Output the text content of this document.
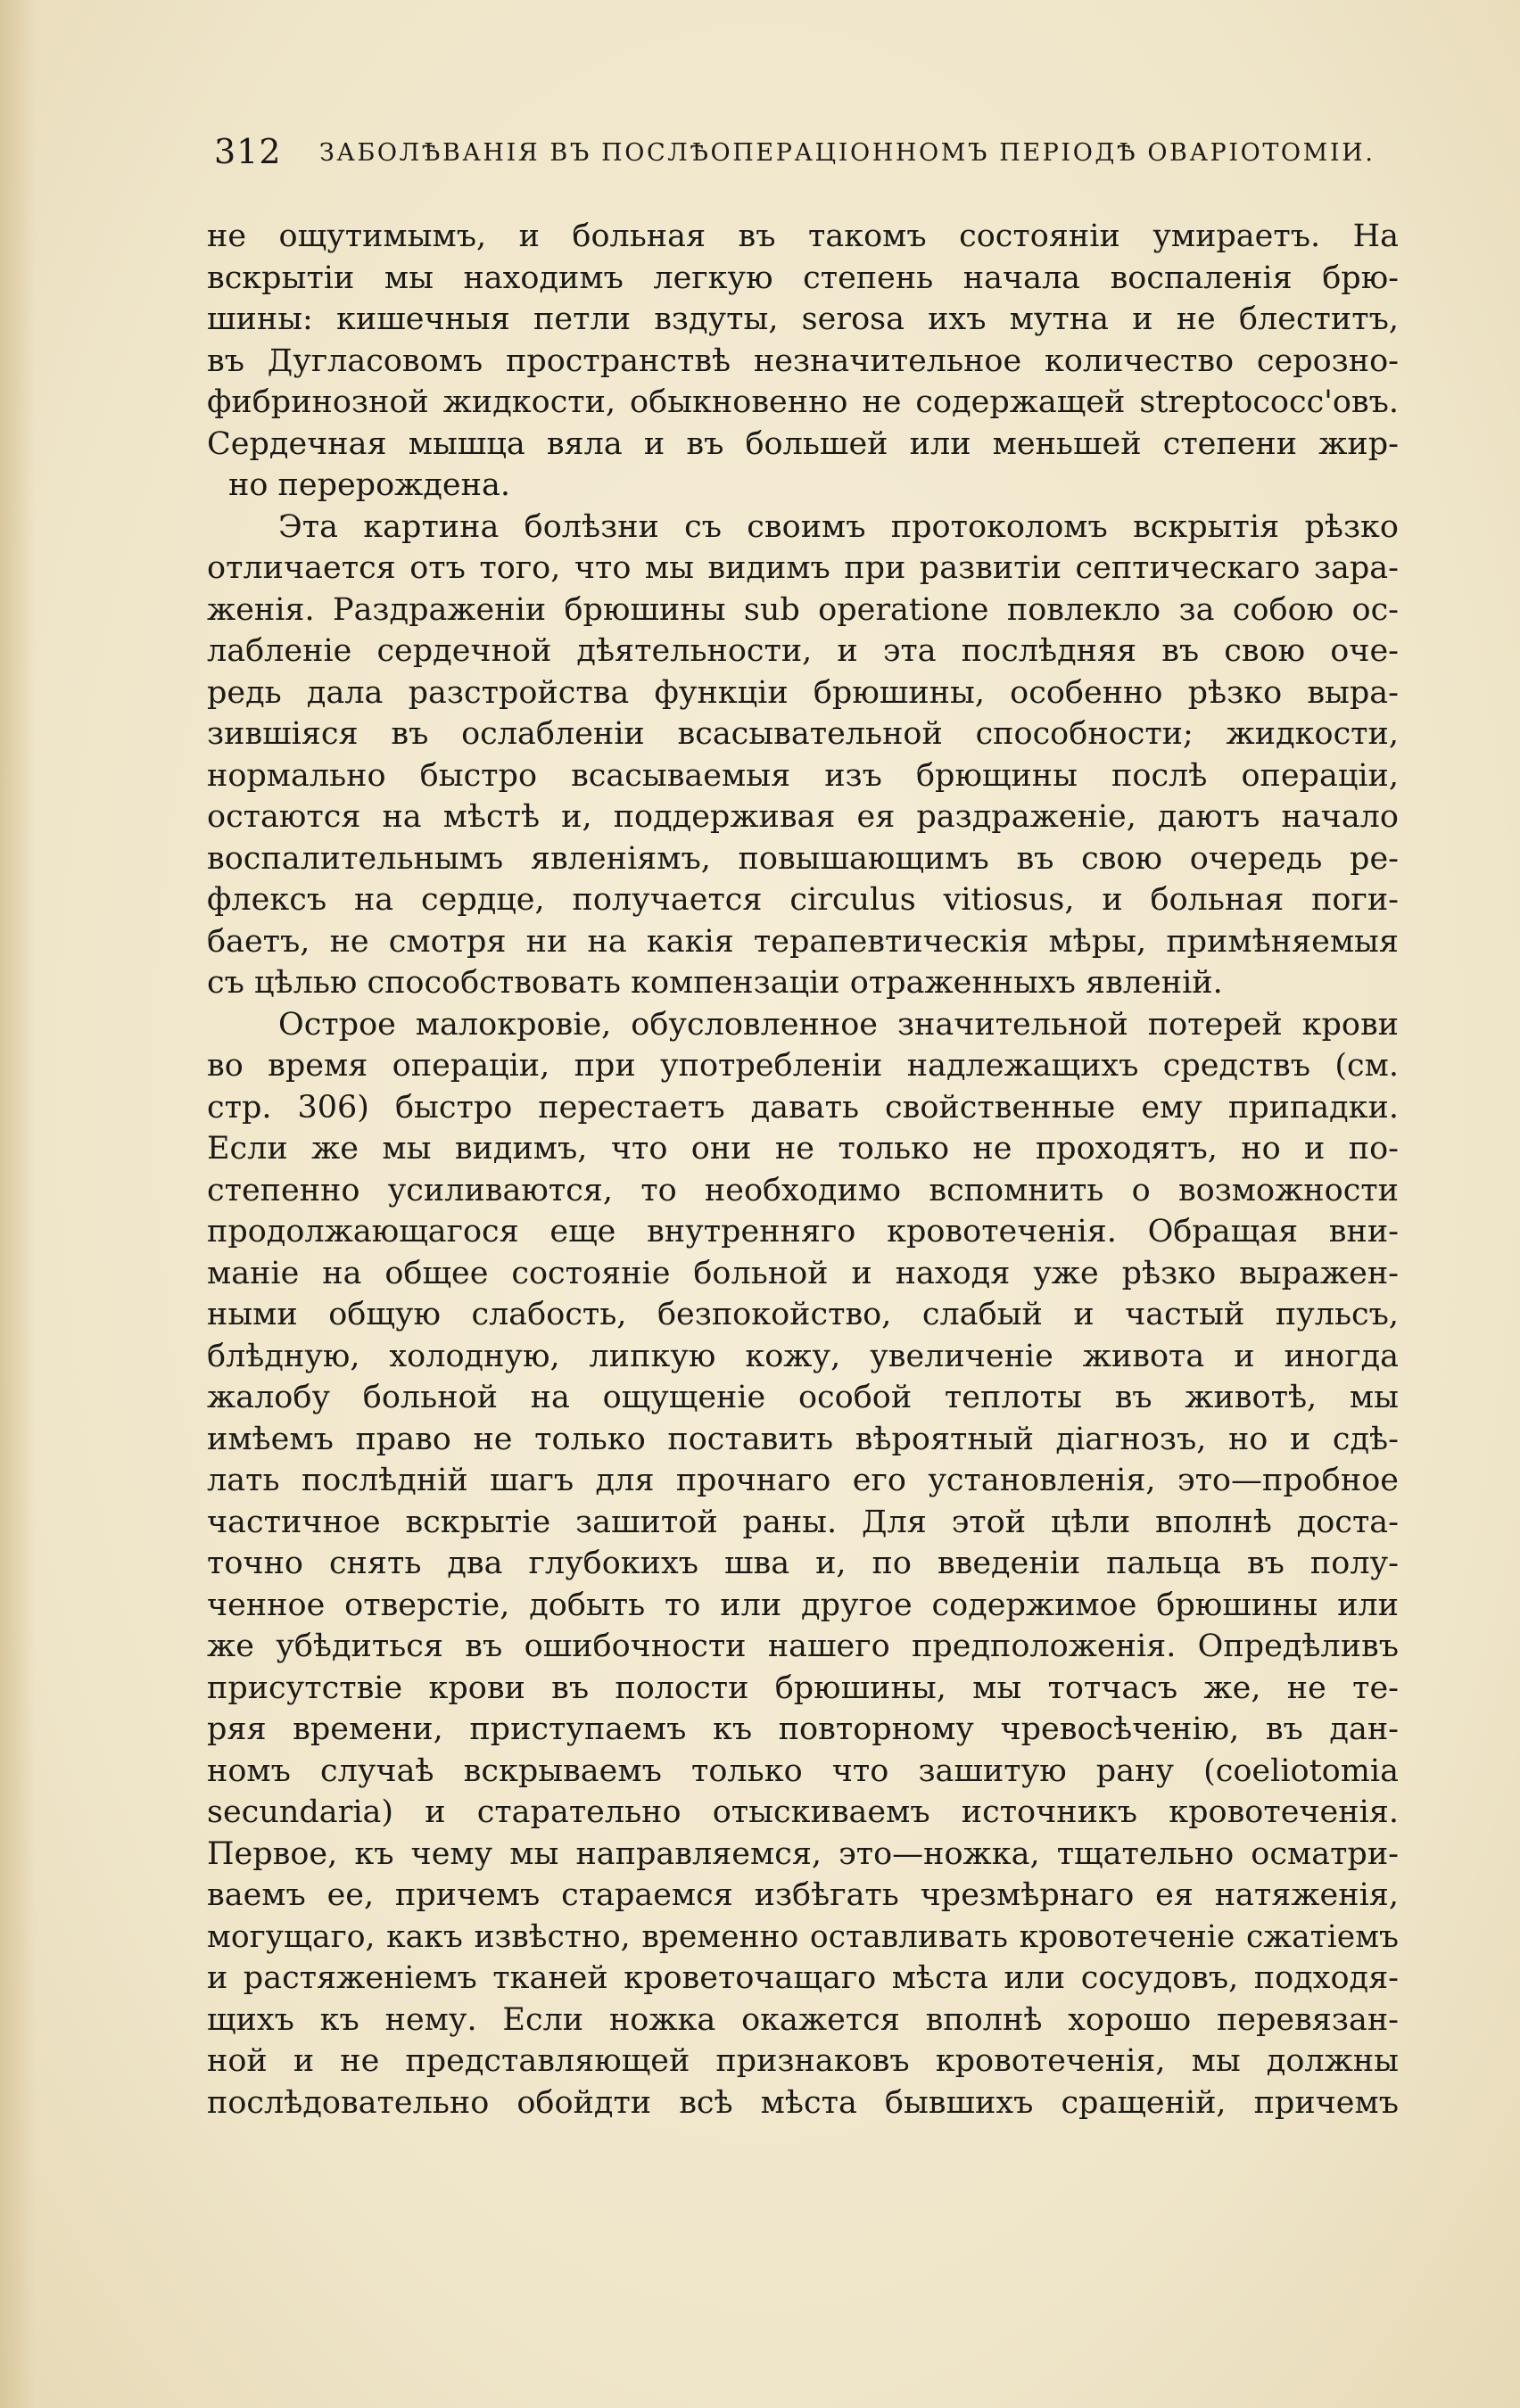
312 ЗАБОЛѢВАНІЯ ВЪ ПОСЛѢОПЕРАЦІОННОМЪ ПЕРІОДѢ ОВАРІОТОМІИ.
не ощутимымъ, и больная въ такомъ состояніи умираетъ. На
вскрытіи мы находимъ легкую степень начала воспаленія брю-
шины: кишечныя петли вздуты, serosa ихъ мутна и не блеститъ,
въ Дугласовомъ пространствѣ незначительное количество серозно-
фибринозной жидкости, обыкновенно не содержащей streptococc'овъ.
Сердечная мышца вяла и въ большей или меньшей степени жир-
но перерождена.
Эта картина болѣзни съ своимъ протоколомъ вскрытія рѣзко
отличается отъ того, что мы видимъ при развитіи септическаго зара-
женія. Раздраженіи брюшины sub operatione повлекло за собою ос-
лабленіе сердечной дѣятельности, и эта послѣдняя въ свою оче-
редь дала разстройства функціи брюшины, особенно рѣзко выра-
зившіяся въ ослабленіи всасывательной способности; жидкости,
нормально быстро всасываемыя изъ брющины послѣ операціи,
остаются на мѣстѣ и, поддерживая ея раздраженіе, даютъ начало
воспалительнымъ явленіямъ, повышающимъ въ свою очередь ре-
флексъ на сердце, получается circulus vitiosus, и больная поги-
баетъ, не смотря ни на какія терапевтическія мѣры, примѣняемыя
съ цѣлью способствовать компензаціи отраженныхъ явленій.
Острое малокровіе, обусловленное значительной потерей крови
во время операціи, при употребленіи надлежащихъ средствъ (см.
стр. 306) быстро перестаетъ давать свойственные ему припадки.
Если же мы видимъ, что они не только не проходятъ, но и по-
степенно усиливаются, то необходимо вспомнить о возможности
продолжающагося еще внутренняго кровотеченія. Обращая вни-
маніе на общее состояніе больной и находя уже рѣзко выражен-
ными общую слабость, безпокойство, слабый и частый пульсъ,
блѣдную, холодную, липкую кожу, увеличеніе живота и иногда
жалобу больной на ощущеніе особой теплоты въ животѣ, мы
имѣемъ право не только поставить вѣроятный діагнозъ, но и сдѣ-
лать послѣдній шагъ для прочнаго его установленія, это—пробное
частичное вскрытіе зашитой раны. Для этой цѣли вполнѣ доста-
точно снять два глубокихъ шва и, по введеніи пальца въ полу-
ченное отверстіе, добыть то или другое содержимое брюшины или
же убѣдиться въ ошибочности нашего предположенія. Опредѣливъ
присутствіе крови въ полости брюшины, мы тотчасъ же, не те-
ряя времени, приступаемъ къ повторному чревосѣченію, въ дан-
номъ случаѣ вскрываемъ только что зашитую рану (coeliotomia
secundaria) и старательно отыскиваемъ источникъ кровотеченія.
Первое, къ чему мы направляемся, это—ножка, тщательно осматри-
ваемъ ее, причемъ стараемся избѣгать чрезмѣрнаго ея натяженія,
могущаго, какъ извѣстно, временно оставливать кровотеченіе сжатіемъ
и растяженіемъ тканей кроветочащаго мѣста или сосудовъ, подходя-
щихъ къ нему. Если ножка окажется вполнѣ хорошо перевязан-
ной и не представляющей признаковъ кровотеченія, мы должны
послѣдовательно обойдти всѣ мѣста бывшихъ сращеній, причемъ
